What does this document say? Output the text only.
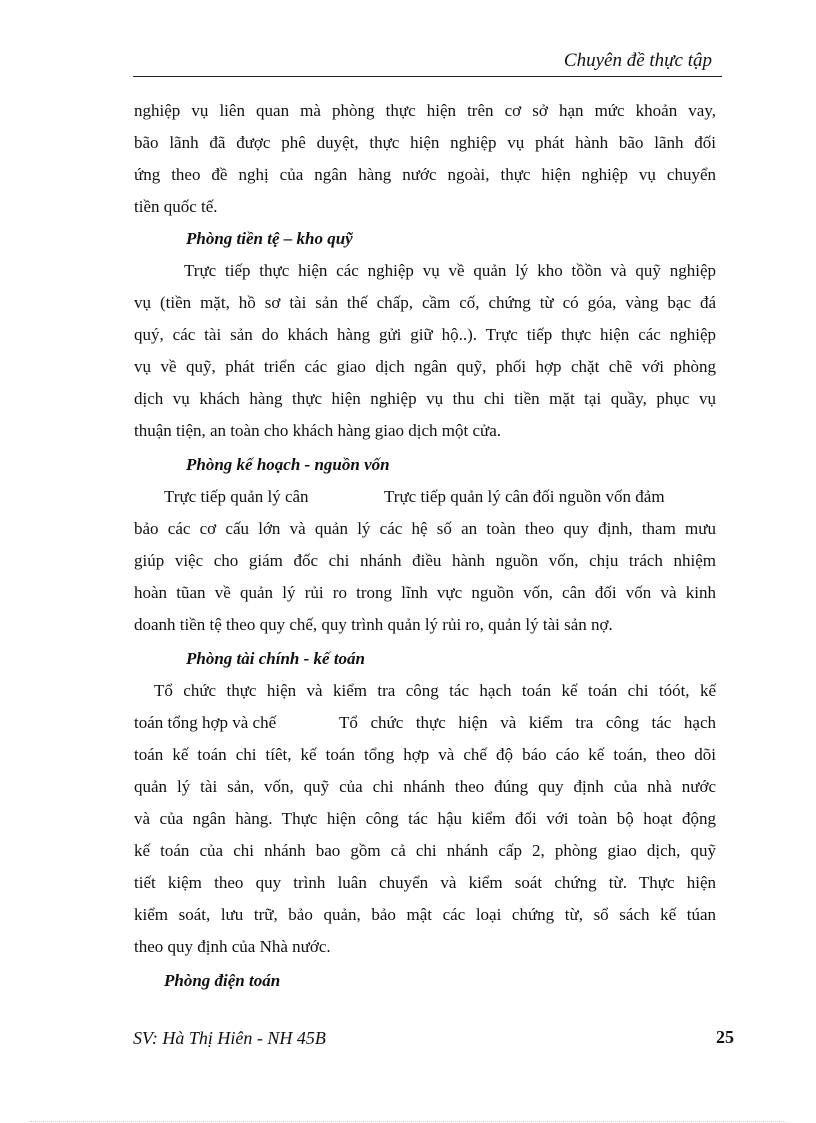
Chuyên đề thực tập
nghiệp vụ liên quan mà phòng thực hiện trên cơ sở hạn mức khoản vay,
bão lãnh đã được phê duyệt, thực hiện nghiệp vụ phát hành bão lãnh đối
ứng theo đề nghị của ngân hàng nước ngoài, thực hiện nghiệp vụ chuyển
tiền quốc tế.
Phòng tiền tệ – kho quỹ
Trực tiếp thực hiện các nghiệp vụ về quản lý kho tồồn và quỹ nghiệp
vụ (tiền mặt, hồ sơ tài sản thế chấp, cầm cố, chứng từ có góa, vàng bạc đá
quý, các tài sản do khách hàng gửi giữ hộ..). Trực tiếp thực hiện các nghiệp
vụ về quỹ, phát triển các giao dịch ngân quỹ, phối hợp chặt chẽ với phòng
dịch vụ khách hàng thực hiện nghiệp vụ thu chi tiền mặt tại quầy, phục vụ
thuận tiện, an toàn cho khách hàng giao dịch một cửa.
Phòng kế hoạch - nguồn vốn
Trực tiếp quản lý cân	Trực tiếp quản lý cân đối nguồn vốn đảm
bảo các cơ cấu lớn và quản lý các hệ số an toàn theo quy định, tham mưu
giúp việc cho giám đốc chi nhánh điều hành nguồn vốn, chịu trách nhiệm
hoàn tũan về quản lý rủi ro trong lĩnh vực nguồn vốn, cân đối vốn và kinh
doanh tiền tệ theo quy chế, quy trình quản lý rủi ro, quản lý tài sản nợ.
Phòng tài chính - kế toán
Tổ chức thực hiện và kiểm tra công tác hạch toán kế toán chi tóót, kế
toán tổng hợp và chế	Tổ chức thực hiện và kiểm tra công tác hạch
toán kế toán chi tíêt, kế toán tổng hợp và chế độ báo cáo kế toán, theo dõi
quản lý tài sản, vốn, quỹ của chi nhánh theo đúng quy định của nhà nước
và của ngân hàng. Thực hiện công tác hậu kiểm đối với toàn bộ hoạt động
kế toán của chi nhánh bao gồm cả chi nhánh cấp 2, phòng giao dịch, quỹ
tiết kiệm theo quy trình luân chuyển và kiểm soát chứng từ. Thực hiện
kiểm soát, lưu trữ, bảo quản, bảo mật các loại chứng từ, sổ sách kế túan
theo quy định của Nhà nước.
Phòng điện toán
SV: Hà Thị Hiên - NH 45B	25
